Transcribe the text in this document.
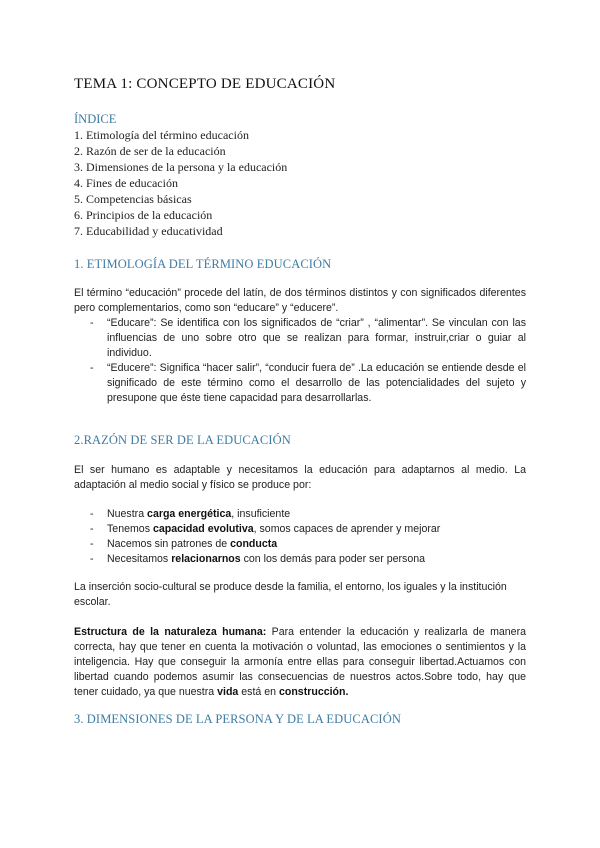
TEMA 1: CONCEPTO DE EDUCACIÓN
ÍNDICE
1. Etimología del término educación
2. Razón de ser de la educación
3. Dimensiones de la persona y la educación
4. Fines de educación
5. Competencias básicas
6. Principios de la educación
7. Educabilidad y educatividad
1. ETIMOLOGÍA DEL TÉRMINO EDUCACIÓN

El término “educación” procede del latín, de dos términos distintos y con significados diferentes pero complementarios, como son “educare” y “educere”.

- “Educare”: Se identifica con los significados de “criar” , “alimentar”. Se vinculan con las influencias de uno sobre otro que se realizan para formar, instruir,criar o guiar al individuo.
- “Educere”: Significa “hacer salir”, “conducir fuera de” .La educación se entiende desde el significado de este término como el desarrollo de las potencialidades del sujeto y presupone que éste tiene capacidad para desarrollarlas.
2.RAZÓN DE SER DE LA EDUCACIÓN

El ser humano es adaptable y necesitamos la educación para adaptarnos al medio. La adaptación al medio social y físico se produce por:

- Nuestra carga energética, insuficiente
- Tenemos capacidad evolutiva, somos capaces de aprender y mejorar
- Nacemos sin patrones de conducta
- Necesitamos relacionarnos con los demás para poder ser persona

La inserción socio-cultural se produce desde la familia, el entorno, los iguales y la institución escolar.

Estructura de la naturaleza humana: Para entender la educación y realizarla de manera correcta, hay que tener en cuenta la motivación o voluntad, las emociones o sentimientos y la inteligencia. Hay que conseguir la armonía entre ellas para conseguir libertad.Actuamos con libertad cuando podemos asumir las consecuencias de nuestros actos.Sobre todo, hay que tener cuidado, ya que nuestra vida está en construcción.

3. DIMENSIONES DE LA PERSONA Y DE LA EDUCACIÓN
